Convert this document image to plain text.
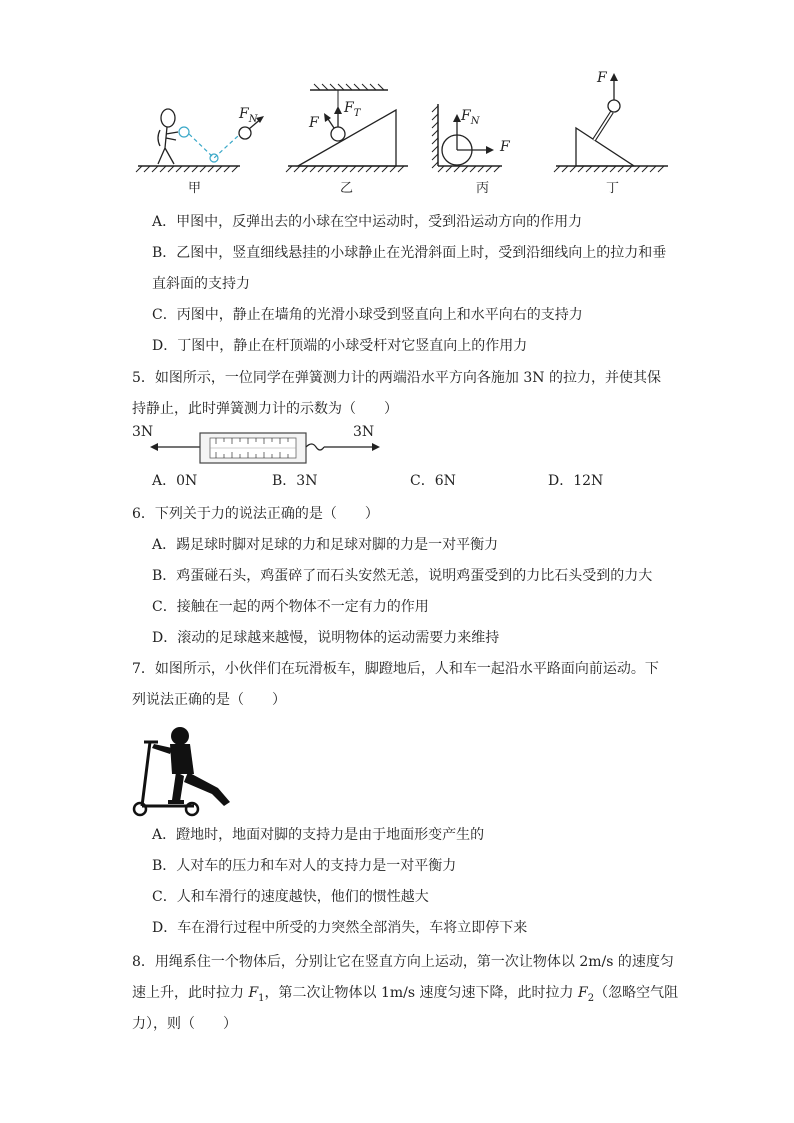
$F_N$
$F_T$
F	$F_N$
F
F
甲	乙	丙	丁
A．甲图中，反弹出去的小球在空中运动时，受到沿运动方向的作用力
B．乙图中，竖直细线悬挂的小球静止在光滑斜面上时，受到沿细线向上的拉力和垂
直斜面的支持力
C．丙图中，静止在墙角的光滑小球受到竖直向上和水平向右的支持力
D．丁图中，静止在杆顶端的小球受杆对它竖直向上的作用力
5．如图所示，一位同学在弹簧测力计的两端沿水平方向各施加 3N 的拉力，并使其保
持静止，此时弹簧测力计的示数为（　　）
3N	3N
A．0N	B．3N	C．6N	D．12N
6．下列关于力的说法正确的是（　　）
A．踢足球时脚对足球的力和足球对脚的力是一对平衡力
B．鸡蛋碰石头，鸡蛋碎了而石头安然无恙，说明鸡蛋受到的力比石头受到的力大
C．接触在一起的两个物体不一定有力的作用
D．滚动的足球越来越慢，说明物体的运动需要力来维持
7．如图所示，小伙伴们在玩滑板车，脚蹬地后，人和车一起沿水平路面向前运动。下
列说法正确的是（　　）
A．蹬地时，地面对脚的支持力是由于地面形变产生的
B．人对车的压力和车对人的支持力是一对平衡力
C．人和车滑行的速度越快，他们的惯性越大
D．车在滑行过程中所受的力突然全部消失，车将立即停下来
8．用绳系住一个物体后，分别让它在竖直方向上运动，第一次让物体以 2m/s 的速度匀
速上升，此时拉力 $F_1$，第二次让物体以 1m/s 速度匀速下降，此时拉力 $F_2$（忽略空气阻
力），则（　　）
